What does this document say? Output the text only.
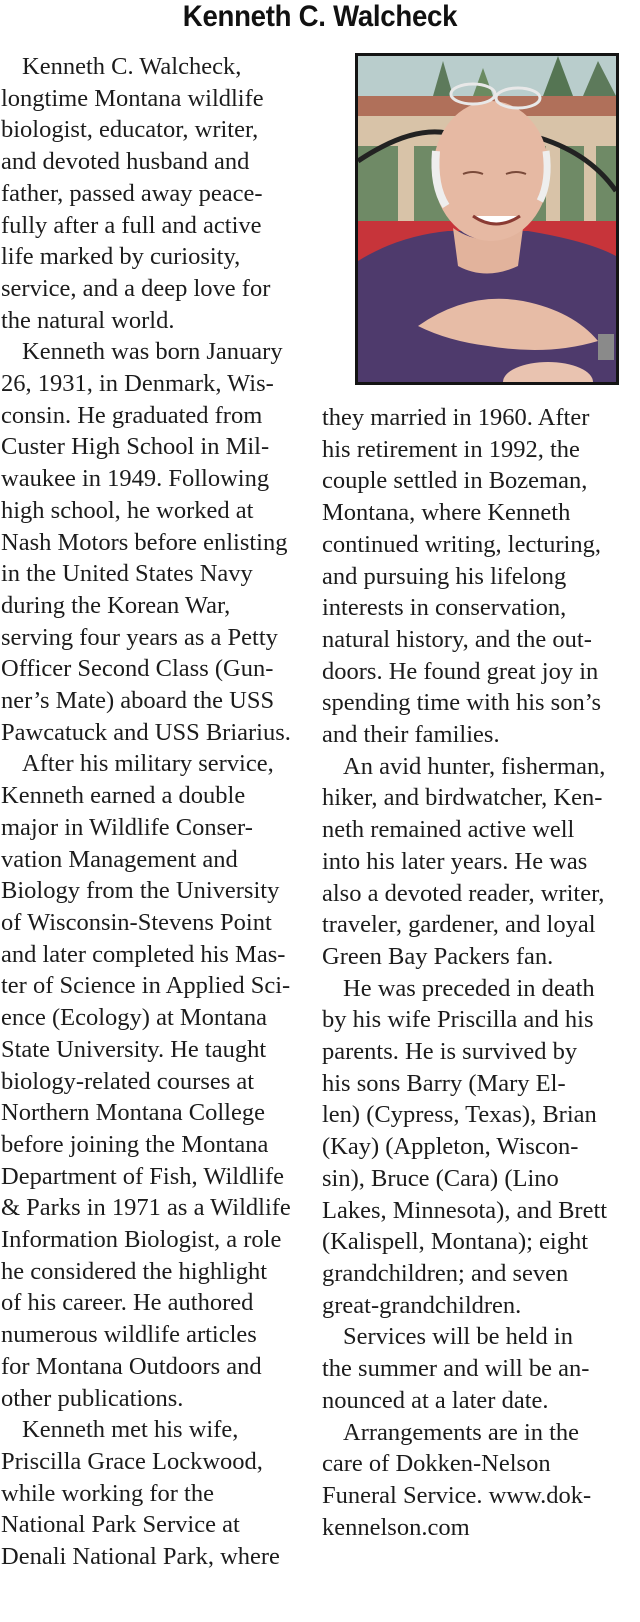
Kenneth C. Walcheck
Kenneth C. Walcheck,
longtime Montana wildlife
biologist, educator, writer,
and devoted husband and
father, passed away peace-
fully after a full and active
life marked by curiosity,
service, and a deep love for
the natural world.
Kenneth was born January
26, 1931, in Denmark, Wis-
consin. He graduated from
Custer High School in Mil-
waukee in 1949. Following
high school, he worked at
Nash Motors before enlisting
in the United States Navy
during the Korean War,
serving four years as a Petty
Officer Second Class (Gun-
ner’s Mate) aboard the USS
Pawcatuck and USS Briarius.
After his military service,
Kenneth earned a double
major in Wildlife Conser-
vation Management and
Biology from the University
of Wisconsin-Stevens Point
and later completed his Mas-
ter of Science in Applied Sci-
ence (Ecology) at Montana
State University. He taught
biology-related courses at
Northern Montana College
before joining the Montana
Department of Fish, Wildlife
& Parks in 1971 as a Wildlife
Information Biologist, a role
he considered the highlight
of his career. He authored
numerous wildlife articles
for Montana Outdoors and
other publications.
Kenneth met his wife,
Priscilla Grace Lockwood,
while working for the
National Park Service at
Denali National Park, where
they married in 1960. After
his retirement in 1992, the
couple settled in Bozeman,
Montana, where Kenneth
continued writing, lecturing,
and pursuing his lifelong
interests in conservation,
natural history, and the out-
doors. He found great joy in
spending time with his son’s
and their families.
An avid hunter, fisherman,
hiker, and birdwatcher, Ken-
neth remained active well
into his later years. He was
also a devoted reader, writer,
traveler, gardener, and loyal
Green Bay Packers fan.
He was preceded in death
by his wife Priscilla and his
parents. He is survived by
his sons Barry (Mary El-
len) (Cypress, Texas), Brian
(Kay) (Appleton, Wiscon-
sin), Bruce (Cara) (Lino
Lakes, Minnesota), and Brett
(Kalispell, Montana); eight
grandchildren; and seven
great-grandchildren.
Services will be held in
the summer and will be an-
nounced at a later date.
Arrangements are in the
care of Dokken-Nelson
Funeral Service. www.dok-
kennelson.com
